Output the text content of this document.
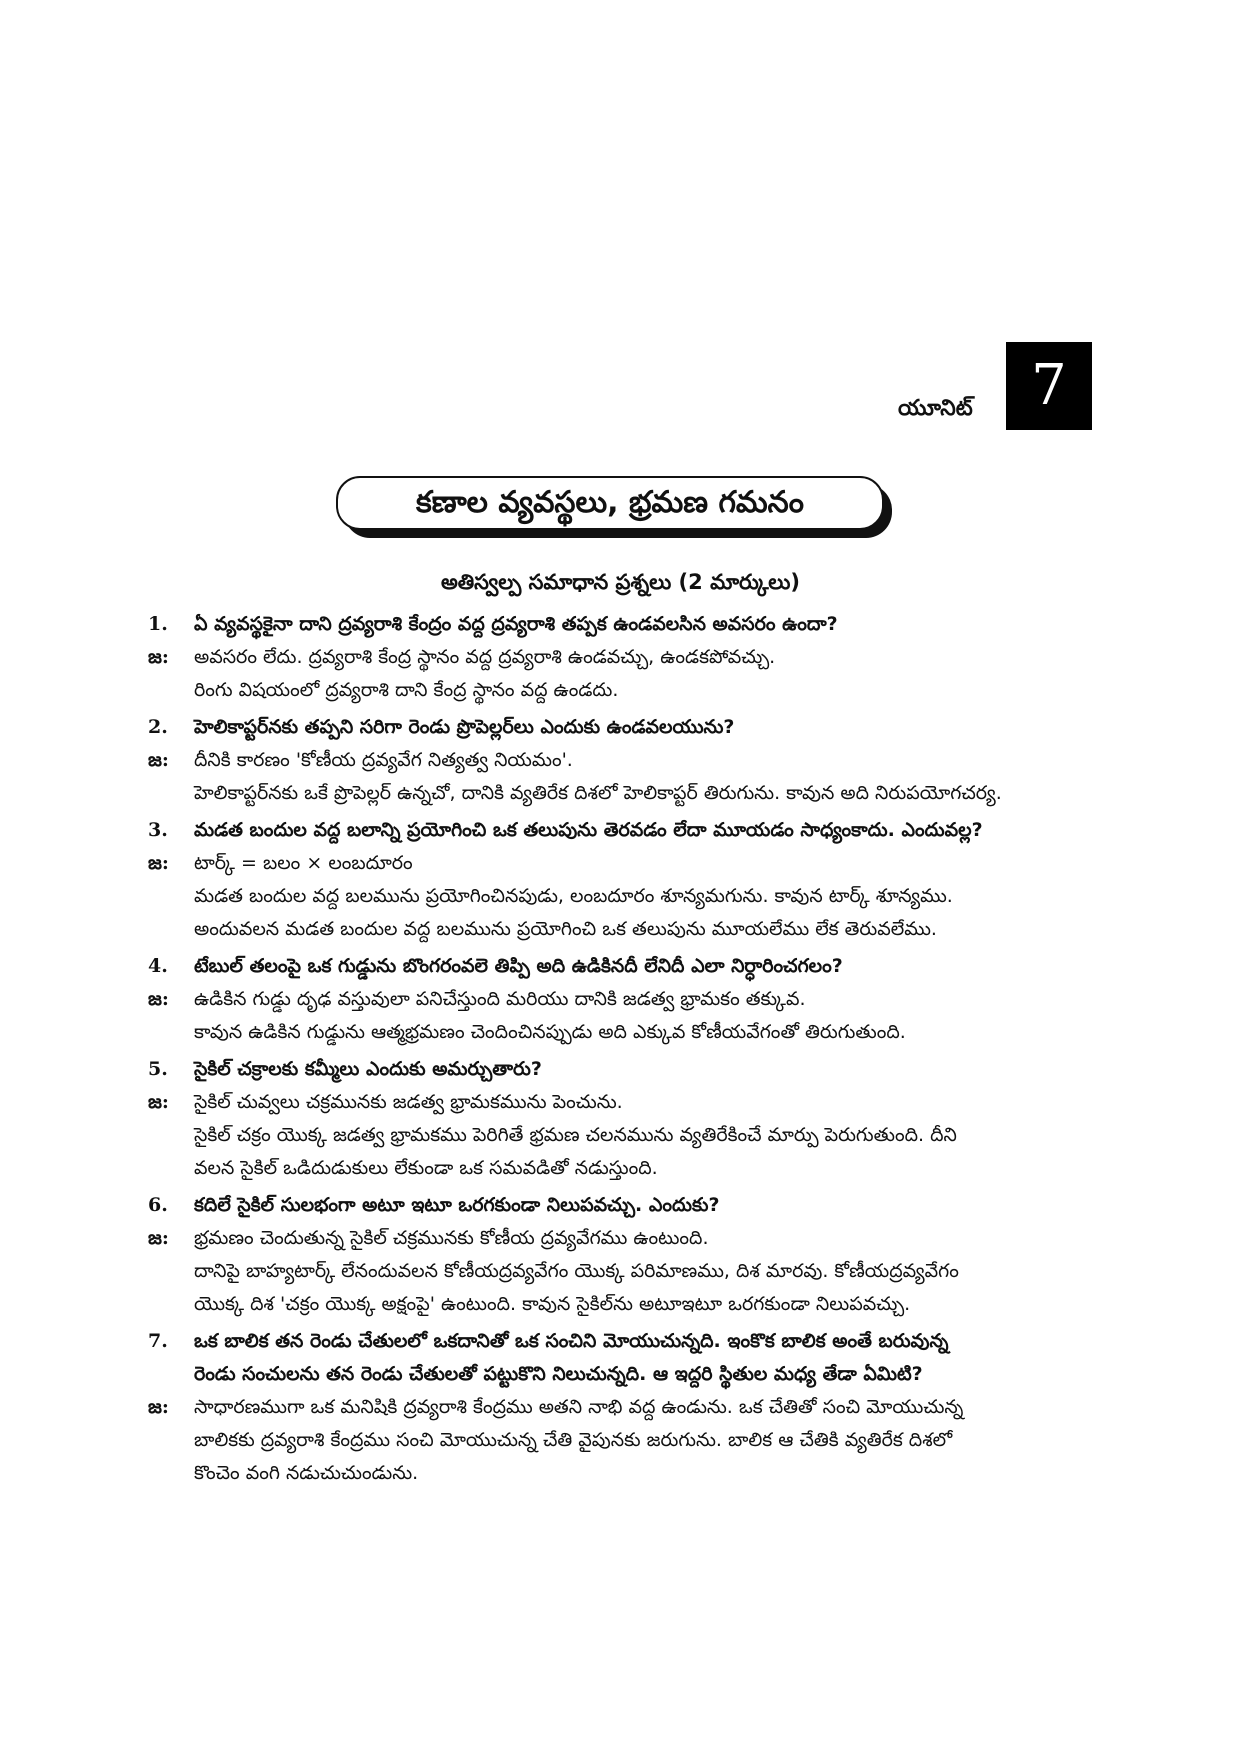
యూనిట్	7
కణాల వ్యవస్థలు, భ్రమణ గమనం
అతిస్వల్ప సమాధాన ప్రశ్నలు (2 మార్కులు)
1.	ఏ వ్యవస్థకైనా దాని ద్రవ్యరాశి కేంద్రం వద్ద ద్రవ్యరాశి తప్పక ఉండవలసిన అవసరం ఉందా?
జ:	అవసరం లేదు. ద్రవ్యరాశి కేంద్ర స్థానం వద్ద ద్రవ్యరాశి ఉండవచ్చు, ఉండకపోవచ్చు.
రింగు విషయంలో ద్రవ్యరాశి దాని కేంద్ర స్థానం వద్ద ఉండదు.
2.	హెలికాప్టర్‌నకు తప్పని సరిగా రెండు ప్రొపెల్లర్‌లు ఎందుకు ఉండవలయును?
జ:	దీనికి కారణం 'కోణీయ ద్రవ్యవేగ నిత్యత్వ నియమం'.
హెలికాప్టర్‌నకు ఒకే ప్రొపెల్లర్ ఉన్నచో, దానికి వ్యతిరేక దిశలో హెలికాప్టర్ తిరుగును. కావున అది నిరుపయోగచర్య.
3.	మడత బందుల వద్ద బలాన్ని ప్రయోగించి ఒక తలుపును తెరవడం లేదా మూయడం సాధ్యంకాదు. ఎందువల్ల?
జ:	టార్క్ = బలం × లంబదూరం
మడత బందుల వద్ద బలమును ప్రయోగించినపుడు, లంబదూరం శూన్యమగును. కావున టార్క్ శూన్యము.
అందువలన మడత బందుల వద్ద బలమును ప్రయోగించి ఒక తలుపును మూయలేము లేక తెరువలేము.
4.	టేబుల్ తలంపై ఒక గుడ్డును బొంగరంవలె తిప్పి అది ఉడికినదీ లేనిదీ ఎలా నిర్ధారించగలం?
జ:	ఉడికిన గుడ్డు దృఢ వస్తువులా పనిచేస్తుంది మరియు దానికి జడత్వ భ్రామకం తక్కువ.
కావున ఉడికిన గుడ్డును ఆత్మభ్రమణం చెందించినప్పుడు అది ఎక్కువ కోణీయవేగంతో తిరుగుతుంది.
5.	సైకిల్ చక్రాలకు కమ్మీలు ఎందుకు అమర్చుతారు?
జ:	సైకిల్ చువ్వలు చక్రమునకు జడత్వ భ్రామకమును పెంచును.
సైకిల్ చక్రం యొక్క జడత్వ భ్రామకము పెరిగితే భ్రమణ చలనమును వ్యతిరేకించే మార్పు పెరుగుతుంది. దీని
వలన సైకిల్ ఒడిదుడుకులు లేకుండా ఒక సమవడితో నడుస్తుంది.
6.	కదిలే సైకిల్ సులభంగా అటూ ఇటూ ఒరగకుండా నిలుపవచ్చు. ఎందుకు?
జ:	భ్రమణం చెందుతున్న సైకిల్ చక్రమునకు కోణీయ ద్రవ్యవేగము ఉంటుంది.
దానిపై బాహ్యటార్క్ లేనందువలన కోణీయద్రవ్యవేగం యొక్క పరిమాణము, దిశ మారవు. కోణీయద్రవ్యవేగం
యొక్క దిశ 'చక్రం యొక్క అక్షంపై' ఉంటుంది. కావున సైకిల్‌ను అటూఇటూ ఒరగకుండా నిలుపవచ్చు.
7.	ఒక బాలిక తన రెండు చేతులలో ఒకదానితో ఒక సంచిని మోయుచున్నది. ఇంకొక బాలిక అంతే బరువున్న
రెండు సంచులను తన రెండు చేతులతో పట్టుకొని నిలుచున్నది. ఆ ఇద్దరి స్థితుల మధ్య తేడా ఏమిటి?
జ:	సాధారణముగా ఒక మనిషికి ద్రవ్యరాశి కేంద్రము అతని నాభి వద్ద ఉండును. ఒక చేతితో సంచి మోయుచున్న
బాలికకు ద్రవ్యరాశి కేంద్రము సంచి మోయుచున్న చేతి వైపునకు జరుగును. బాలిక ఆ చేతికి వ్యతిరేక దిశలో
కొంచెం వంగి నడుచుచుండును.
